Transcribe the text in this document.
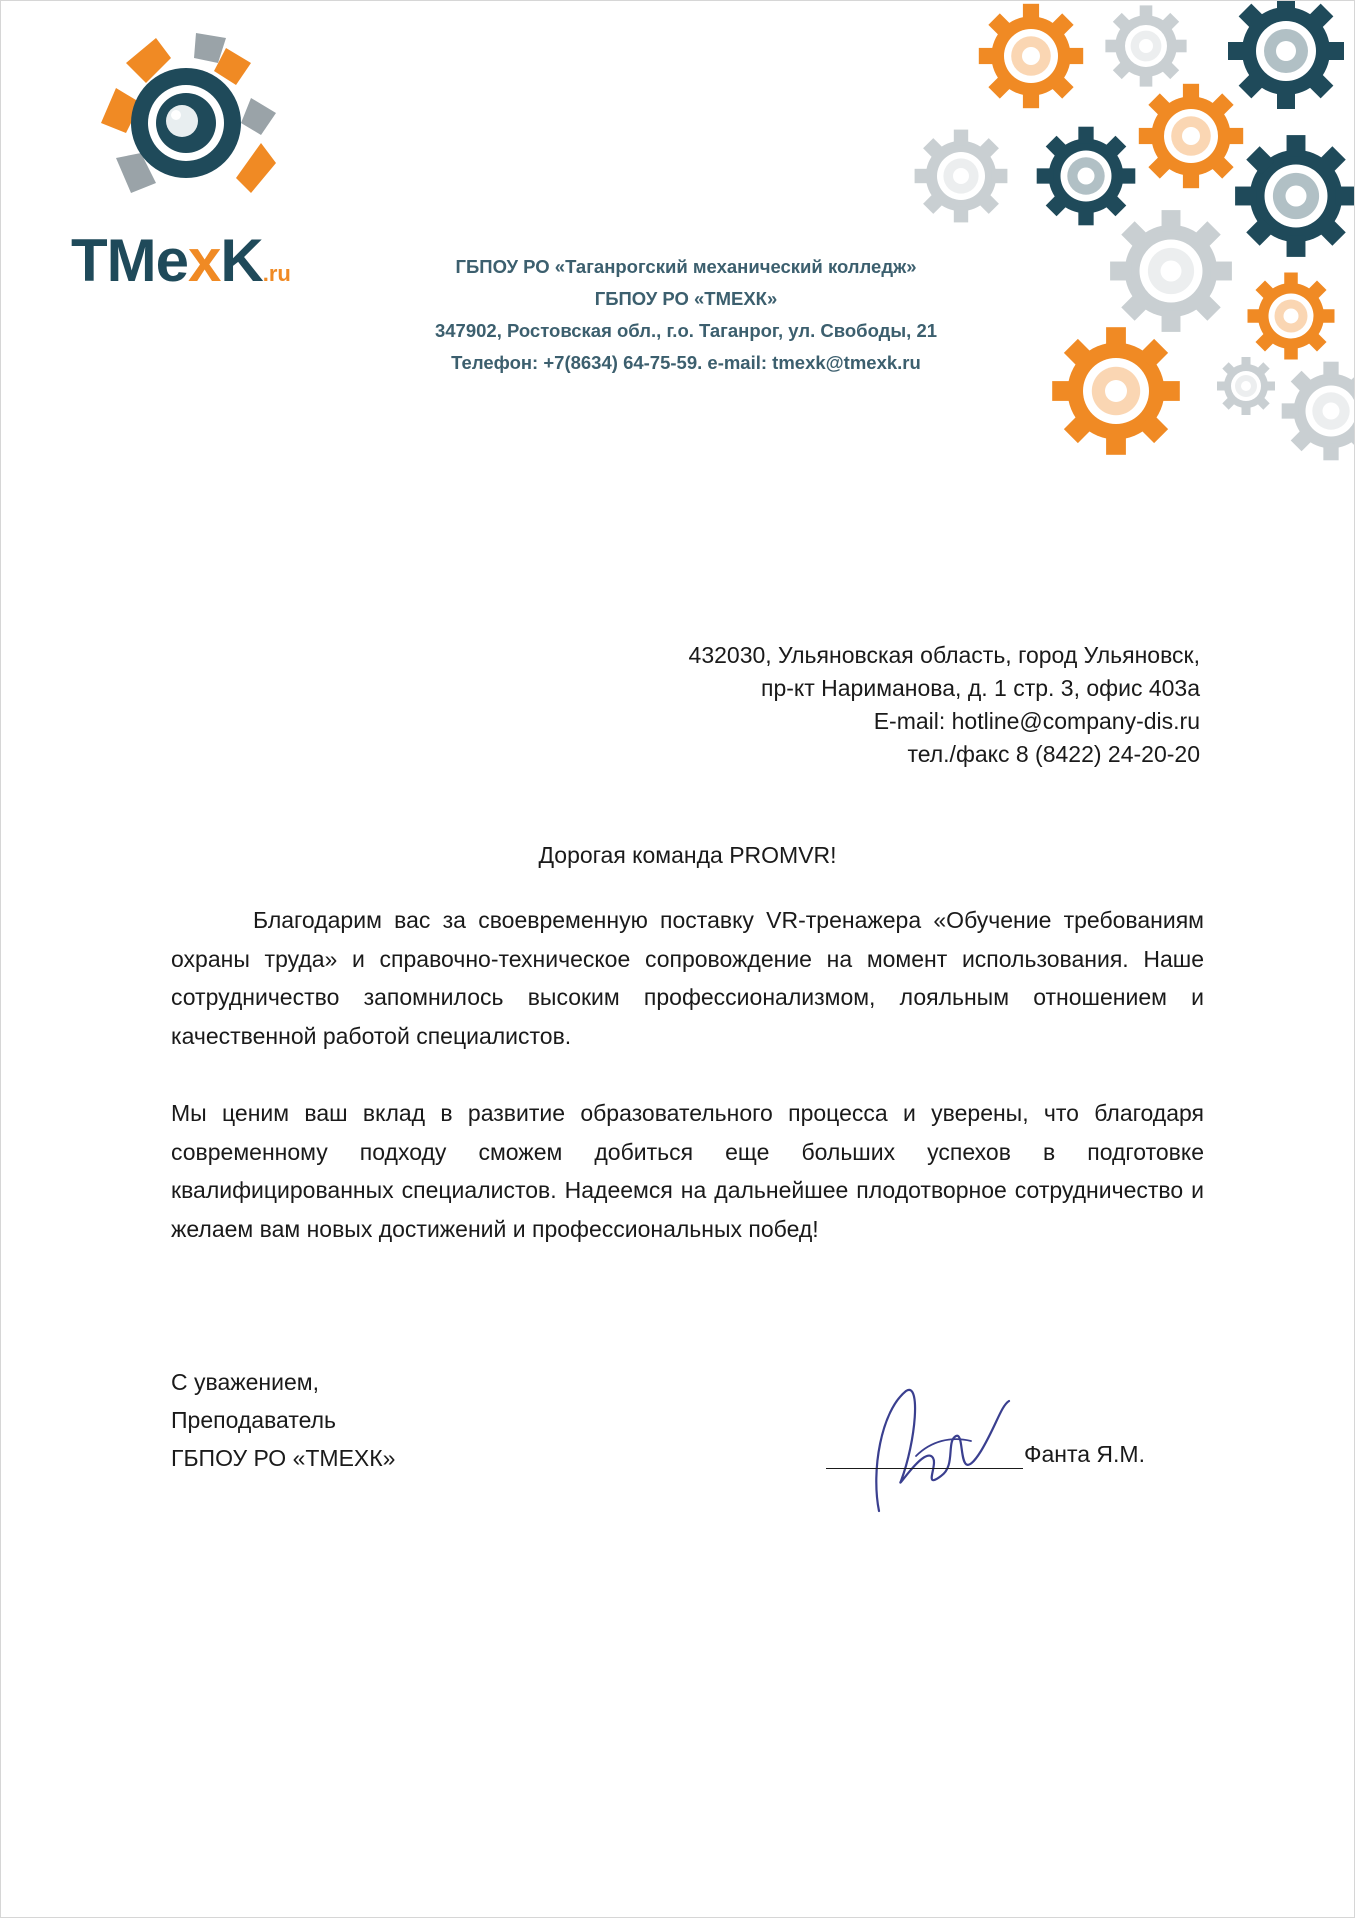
TMexK.ru	ГБПОУ РО «Таганрогский механический колледж»
ГБПОУ РО «ТМЕХК»
347902, Ростовская обл., г.о. Таганрог, ул. Свободы, 21
Телефон: +7(8634) 64-75-59. e-mail: tmexk@tmexk.ru
432030, Ульяновская область, город Ульяновск,
пр-кт Нариманова, д. 1 стр. 3, офис 403а
E-mail: hotline@company-dis.ru
тел./факс 8 (8422) 24-20-20
Дорогая команда PROMVR!
Благодарим вас за своевременную поставку VR-тренажера «Обучение требованиям охраны труда» и справочно-техническое сопровождение на момент использования. Наше сотрудничество запомнилось высоким профессионализмом, лояльным отношением и качественной работой специалистов.
Мы ценим ваш вклад в развитие образовательного процесса и уверены, что благодаря современному подходу сможем добиться еще больших успехов в подготовке квалифицированных специалистов. Надеемся на дальнейшее плодотворное сотрудничество и желаем вам новых достижений и профессиональных побед!
С уважением,
Преподаватель
ГБПОУ РО «ТМЕХК»	Фанта Я.М.
